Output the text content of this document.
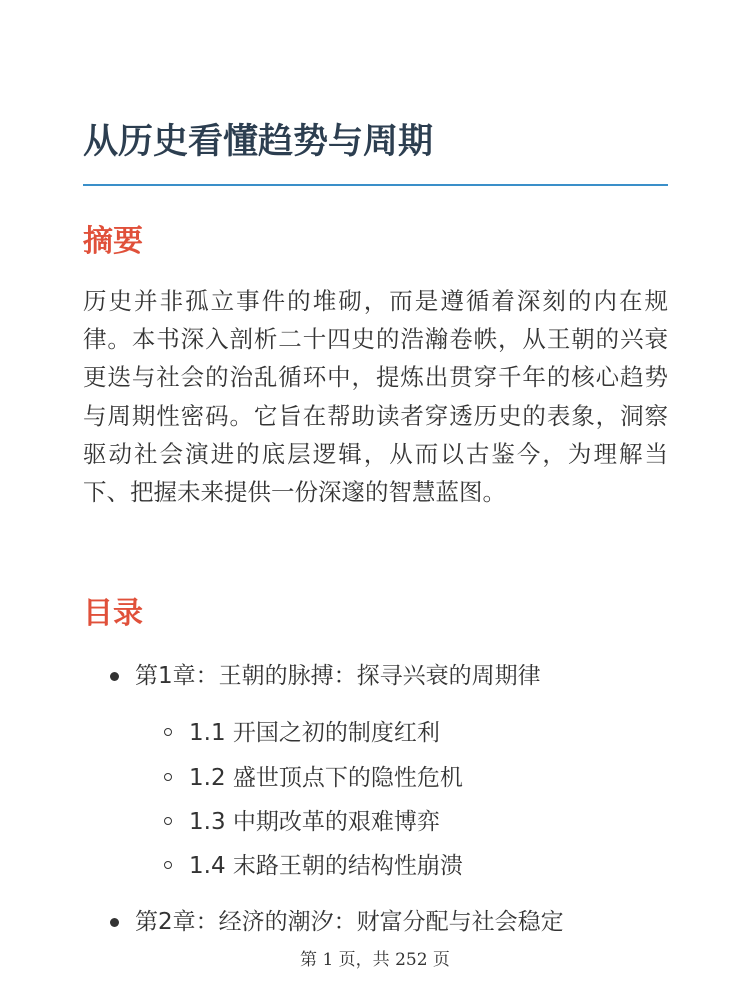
从历史看懂趋势与周期
摘要

历史并非孤立事件的堆砌，而是遵循着深刻的内在规律。本书深入剖析二十四史的浩瀚卷帙，从王朝的兴衰更迭与社会的治乱循环中，提炼出贯穿千年的核心趋势与周期性密码。它旨在帮助读者穿透历史的表象，洞察驱动社会演进的底层逻辑，从而以古鉴今，为理解当下、把握未来提供一份深邃的智慧蓝图。

目录
第1章：王朝的脉搏：探寻兴衰的周期律
1.1 开国之初的制度红利
1.2 盛世顶点下的隐性危机
1.3 中期改革的艰难博弈
1.4 末路王朝的结构性崩溃
第2章：经济的潮汐：财富分配与社会稳定
第 1 页，共 252 页
